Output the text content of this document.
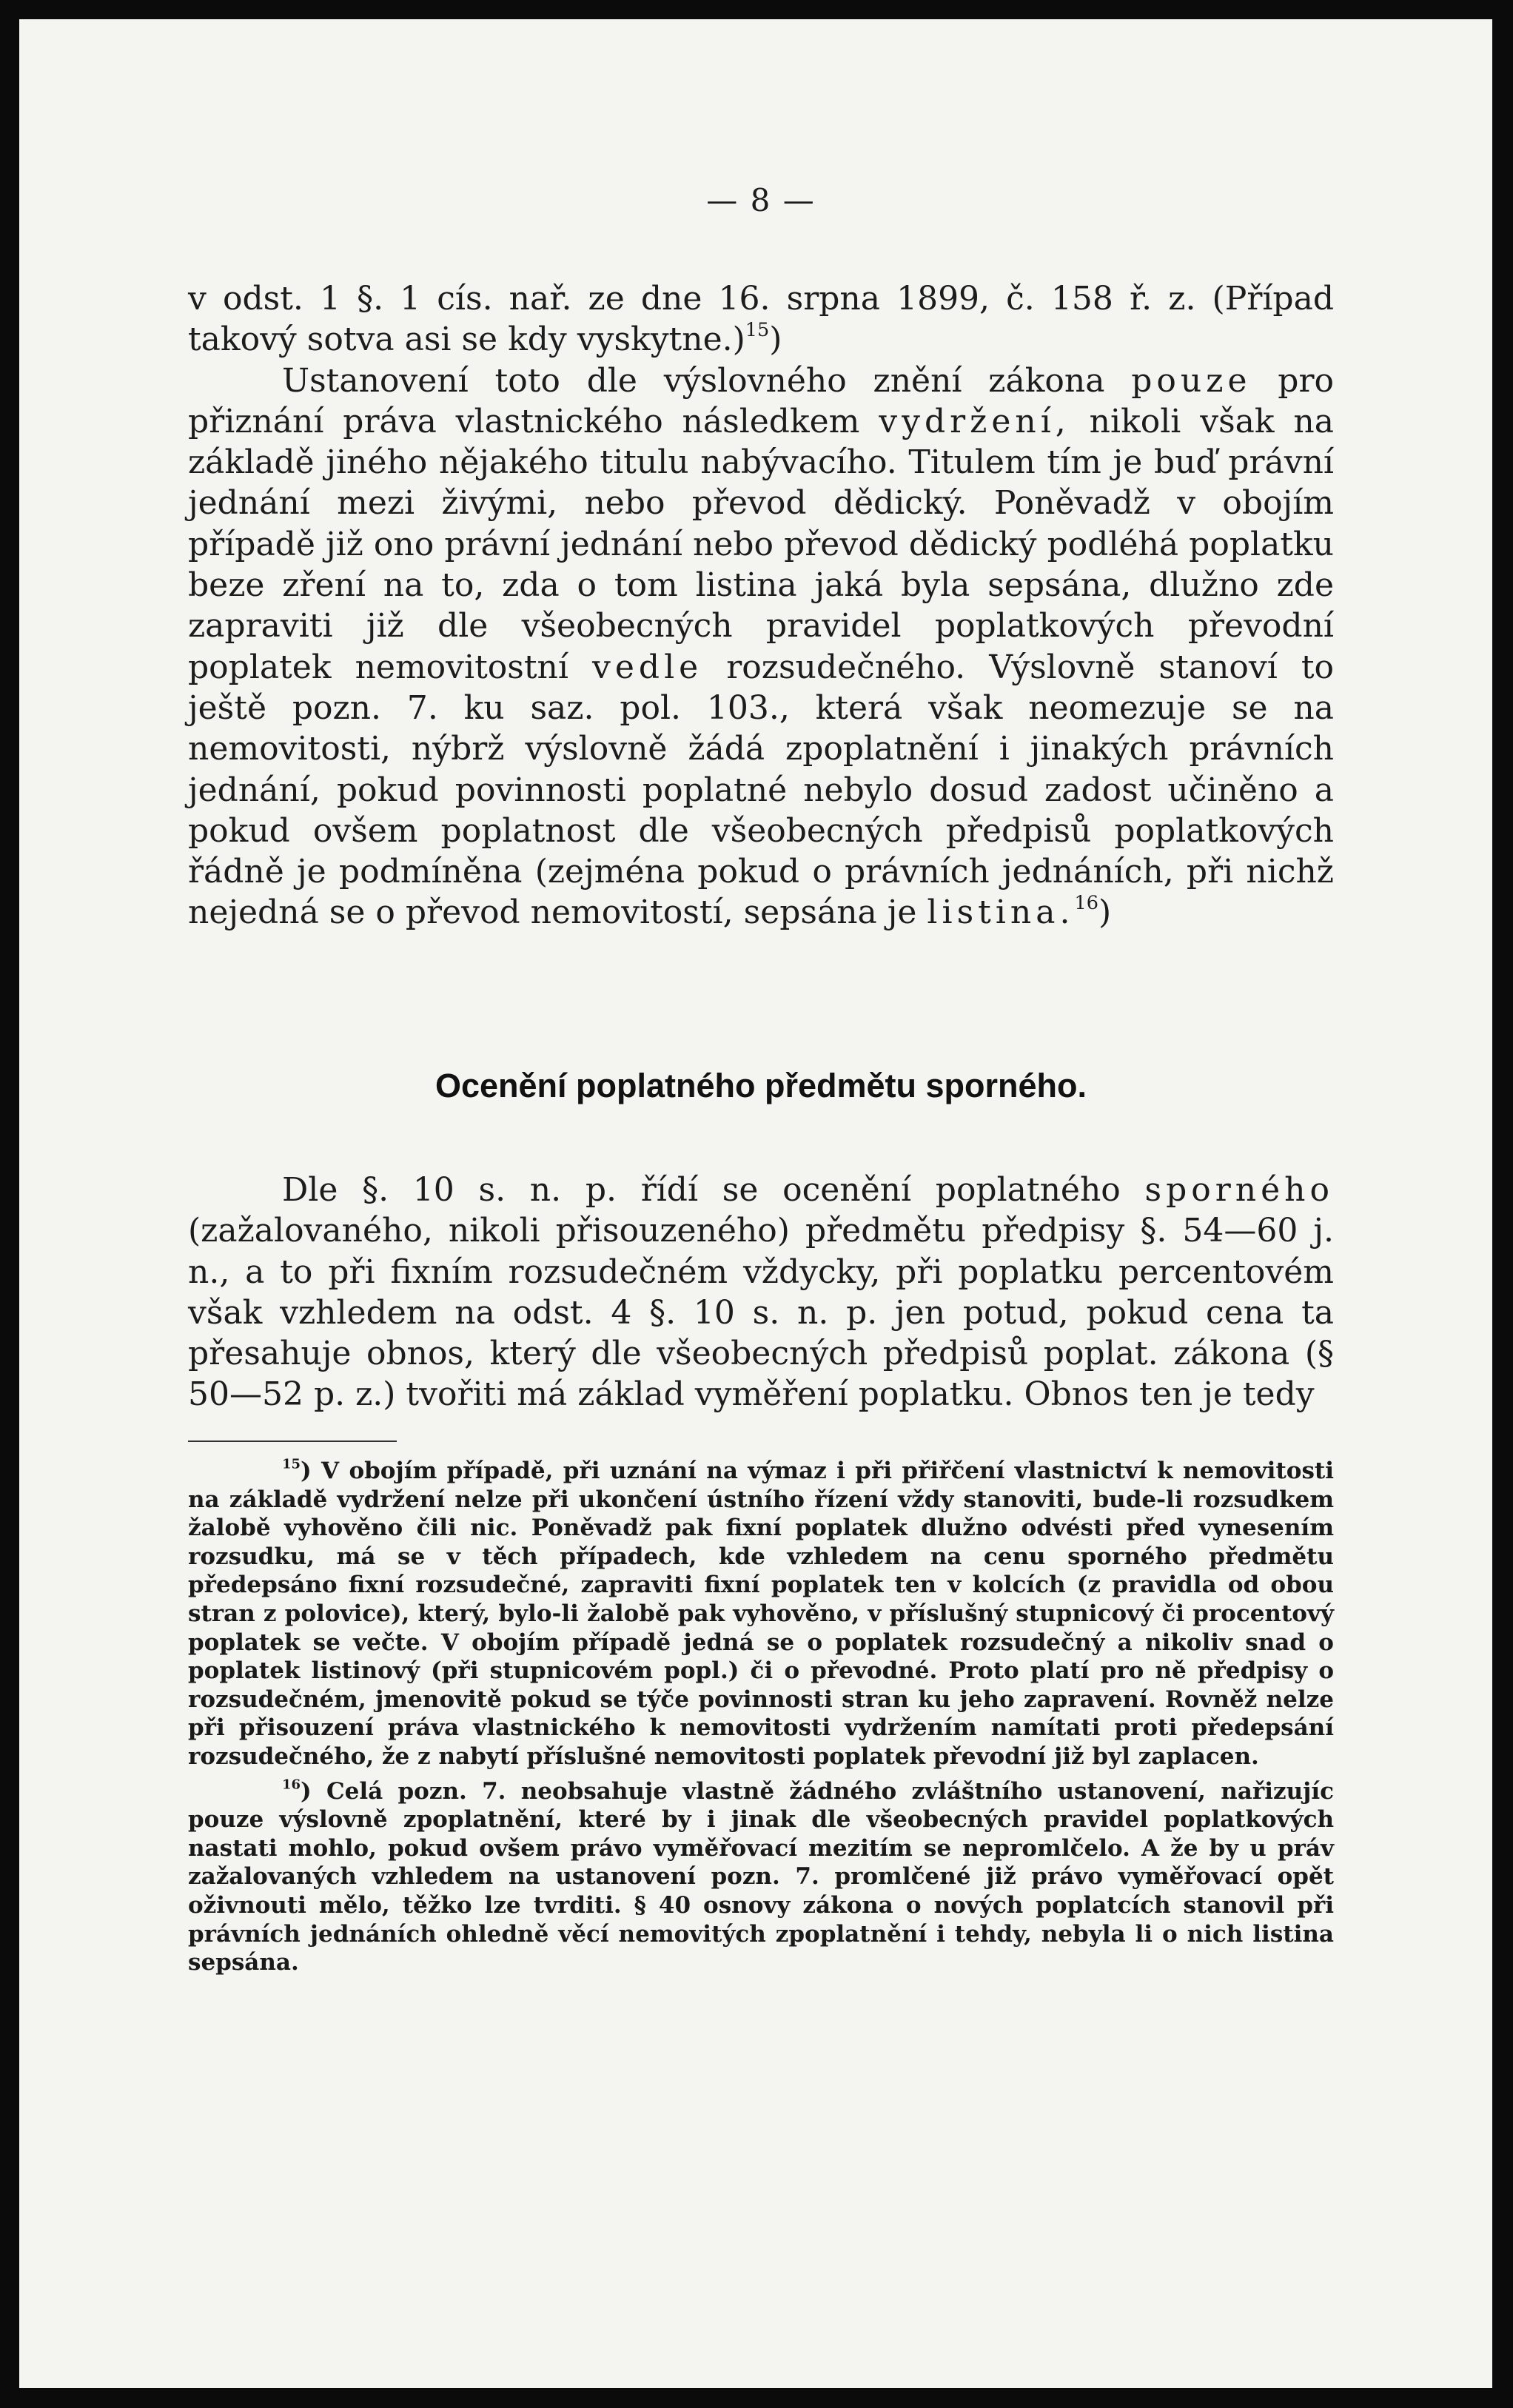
— 8 —

v odst. 1 §. 1 cís. nař. ze dne 16. srpna 1899, č. 158 ř. z. (Případ takový sotva asi se kdy vyskytne.)$^{15}$)

Ustanovení toto dle výslovného znění zákona pouze pro přiznání práva vlastnického následkem vydržení, nikoli však na základě jiného nějakého titulu nabývacího. Titulem tím je buď právní jednání mezi živými, nebo převod dědický. Poněvadž v obojím případě již ono právní jednání nebo převod dědický podléhá poplatku beze zření na to, zda o tom listina jaká byla sepsána, dlužno zde zapraviti již dle všeobecných pravidel poplatkových převodní poplatek nemovitostní vedle rozsudečného. Výslovně stanoví to ještě pozn. 7. ku saz. pol. 103., která však neomezuje se na nemovitosti, nýbrž výslovně žádá zpoplatnění i jinakých právních jednání, pokud povinnosti poplatné nebylo dosud zadost učiněno a pokud ovšem poplatnost dle všeobecných předpisů poplatkových řádně je podmíněna (zejména pokud o právních jednáních, při nichž nejedná se o převod nemovitostí, sepsána je listina.$^{16}$)

Ocenění poplatného předmětu sporného.

Dle §. 10 s. n. p. řídí se ocenění poplatného sporného (zažalovaného, nikoli přisouzeného) předmětu předpisy §. 54—60 j. n., a to při fixním rozsudečném vždycky, při poplatku percentovém však vzhledem na odst. 4 §. 10 s. n. p. jen potud, pokud cena ta přesahuje obnos, který dle všeobecných předpisů poplat. zákona (§ 50—52 p. z.) tvořiti má základ vyměření poplatku. Obnos ten je tedy

$^{15}$) V obojím případě, při uznání na výmaz i při přiřčení vlastnictví k nemovitosti na základě vydržení nelze při ukončení ústního řízení vždy stanoviti, bude-li rozsudkem žalobě vyhověno čili nic. Poněvadž pak fixní poplatek dlužno odvésti před vynesením rozsudku, má se v těch případech, kde vzhledem na cenu sporného předmětu předepsáno fixní rozsudečné, zapraviti fixní poplatek ten v kolcích (z pravidla od obou stran z polovice), který, bylo-li žalobě pak vyhověno, v příslušný stupnicový či procentový poplatek se večte. V obojím případě jedná se o poplatek rozsudečný a nikoliv snad o poplatek listinový (při stupnicovém popl.) či o převodné. Proto platí pro ně předpisy o rozsudečném, jmenovitě pokud se týče povinnosti stran ku jeho zapravení. Rovněž nelze při přisouzení práva vlastnického k nemovitosti vydržením namítati proti předepsání rozsudečného, že z nabytí příslušné nemovitosti poplatek převodní již byl zaplacen.

$^{16}$) Celá pozn. 7. neobsahuje vlastně žádného zvláštního ustanovení, nařizujíc pouze výslovně zpoplatnění, které by i jinak dle všeobecných pravidel poplatkových nastati mohlo, pokud ovšem právo vyměřovací mezitím se nepromlčelo. A že by u práv zažalovaných vzhledem na ustanovení pozn. 7. promlčené již právo vyměřovací opět oživnouti mělo, těžko lze tvrditi. § 40 osnovy zákona o nových poplatcích stanovil při právních jednáních ohledně věcí nemovitých zpoplatnění i tehdy, nebyla li o nich listina sepsána.
